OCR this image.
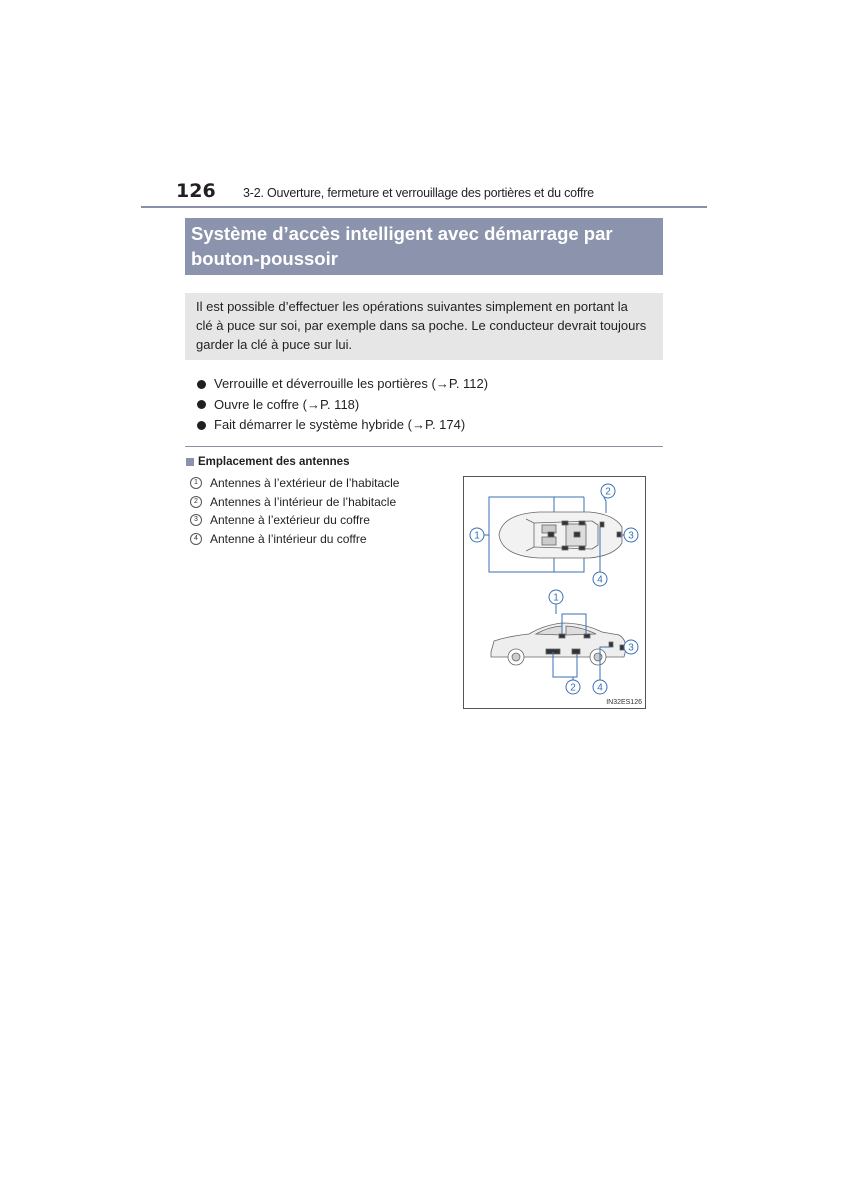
126 3-2. Ouverture, fermeture et verrouillage des portières et du coffre
Système d’accès intelligent avec démarrage par
bouton-poussoir
Il est possible d’effectuer les opérations suivantes simplement en portant la
clé à puce sur soi, par exemple dans sa poche. Le conducteur devrait toujours
garder la clé à puce sur lui.
Verrouille et déverrouille les portières (→P. 112)
Ouvre le coffre (→P. 118)
Fait démarrer le système hybride (→P. 174)
Emplacement des antennes
1	Antennes à l’extérieur de l’habitacle
2	Antennes à l’intérieur de l’habitacle
3	Antenne à l’extérieur du coffre
4	Antenne à l’intérieur du coffre	1
2
3
4
1
2
3
4
IN32ES126
